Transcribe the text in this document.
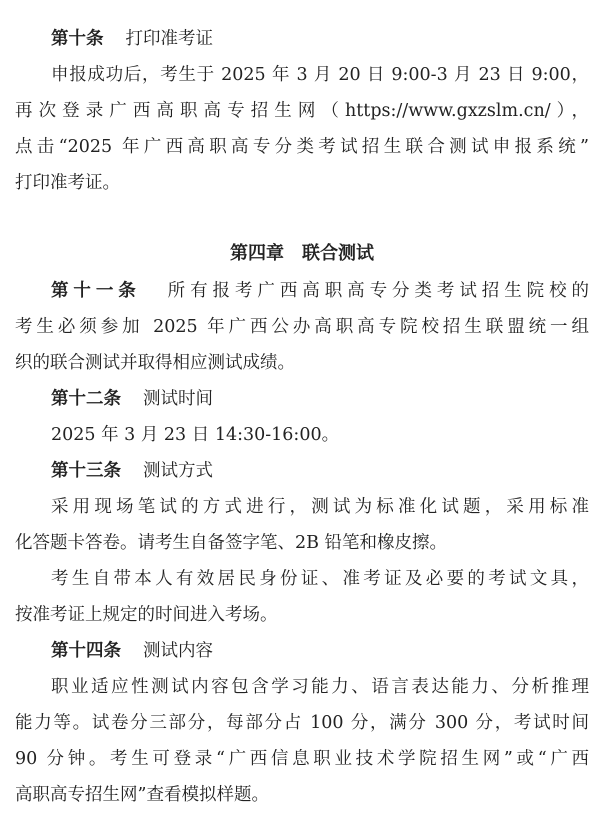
第十条 打印准考证
申报成功后，考生于 2025 年 3 月 20 日 9:00-3 月 23 日 9:00，
再次登录广西高职高专招生网（https://www.gxzslm.cn/），
点击“2025 年广西高职高专分类考试招生联合测试申报系统”
打印准考证。
第四章　联合测试
第十一条 所有报考广西高职高专分类考试招生院校的
考生必须参加 2025 年广西公办高职高专院校招生联盟统一组
织的联合测试并取得相应测试成绩。
第十二条 测试时间
2025 年 3 月 23 日 14:30-16:00。
第十三条 测试方式
采用现场笔试的方式进行，测试为标准化试题，采用标准
化答题卡答卷。请考生自备签字笔、2B 铅笔和橡皮擦。
考生自带本人有效居民身份证、准考证及必要的考试文具，
按准考证上规定的时间进入考场。
第十四条 测试内容
职业适应性测试内容包含学习能力、语言表达能力、分析推理
能力等。试卷分三部分，每部分占 100 分，满分 300 分，考试时间
90 分钟。考生可登录“广西信息职业技术学院招生网”或“广西
高职高专招生网”查看模拟样题。
